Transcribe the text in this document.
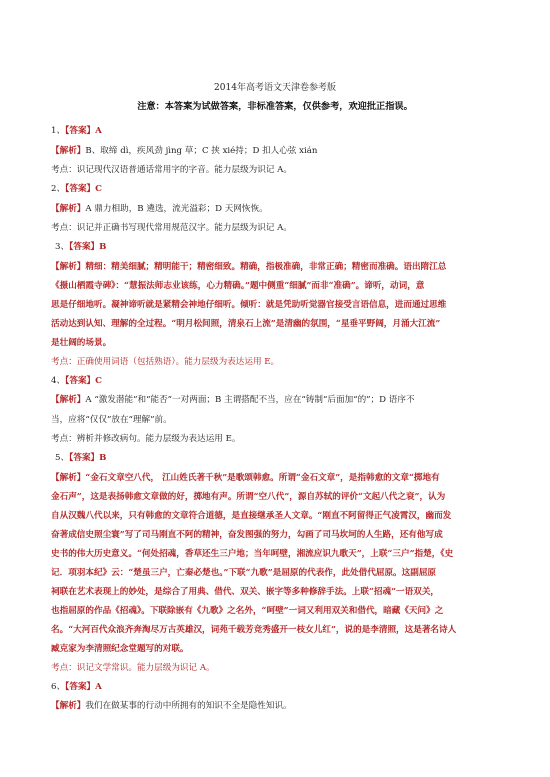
2014年高考语文天津卷参考版
注意：本答案为试做答案，非标准答案，仅供参考，欢迎批正指误。
1、【答案】A
【解析】B、取缔 dì，疾风劲 jìng 草；C 挟 xié持；D 扣人心弦 xián
考点：识记现代汉语普通话常用字的字音。能力层级为识记 A。
2、【答案】C
【解析】A 鼎力相助，B 遴选，流光溢彩；D 天网恢恢。
考点：识记并正确书写现代常用规范汉字。能力层级为识记 A。
3、【答案】B
【解析】精细：精美细腻；精明能干；精密细致。精确，指极准确，非常正确；精密而准确。语出隋江总
《摄山栖霞寺碑》：“慧振法师志业该练，心力精确。”题中侧重“细腻”而非“准确”。谛听，动词，意
思是仔细地听。凝神谛听就是紧精会神地仔细听。倾听：就是凭助听觉器官接受言语信息，进而通过思维
活动达到认知、理解的全过程。“明月松间照，清泉石上流”是清幽的氛围，“星垂平野阔，月涌大江流”
是壮阔的场景。
考点：正确使用词语（包括熟语）。能力层级为表达运用 E。
4、【答案】C
【解析】A “激发潜能”和“能否”一对两面；B 主谓搭配不当，应在“铸制“后面加“的”；D 语序不
当，应将“仅仅”放在“理解”前。
考点：辨析并修改病句。能力层级为表达运用 E。
5、【答案】B
【解析】“金石文章空八代， 江山姓氏著千秋”是歌颂韩愈。所谓“金石文章”，是指韩愈的文章“掷地有
金石声”，这是表扬韩愈文章做的好，掷地有声。所谓“空八代”，源自苏轼的评价“文起八代之衰”，认为
自从汉魏八代以来，只有韩愈的文章符合道德，是直接继承圣人文章。“刚直不阿留得正气凌霄汉，幽而发
奋著成信史照尘寰”写了司马刚直不阿的精神，奋发图强的努力，勾画了司马坎坷的人生路，还有他写成
史书的伟大历史意义。“何处招魂，香草还生三户地；当年呵壁，湘流应识九歌天”，上联“三户”指楚，《史
记．项羽本纪》云：“楚虽三户，亡秦必楚也。”下联“九歌”是屈原的代表作，此处借代屈原。这副屈原
祠联在艺术表现上的妙处，是综合了用典、借代、双关、嵌字等多种修辞手法。上联“招魂”一语双关，
也指屈原的作品《招魂》。下联除嵌有《九歌》之名外，“呵壁”一词又利用双关和借代，暗藏《天问》之
名。“大河百代众浪齐奔淘尽万古英雄汉，词苑千载芳竞秀盛开一枝女儿红”，说的是李清照，这是著名诗人
臧克家为李清照纪念堂题写的对联。
考点：识记文学常识。能力层级为识记 A。
6、【答案】A
【解析】我们在做某事的行动中所拥有的知识不全是隐性知识。
